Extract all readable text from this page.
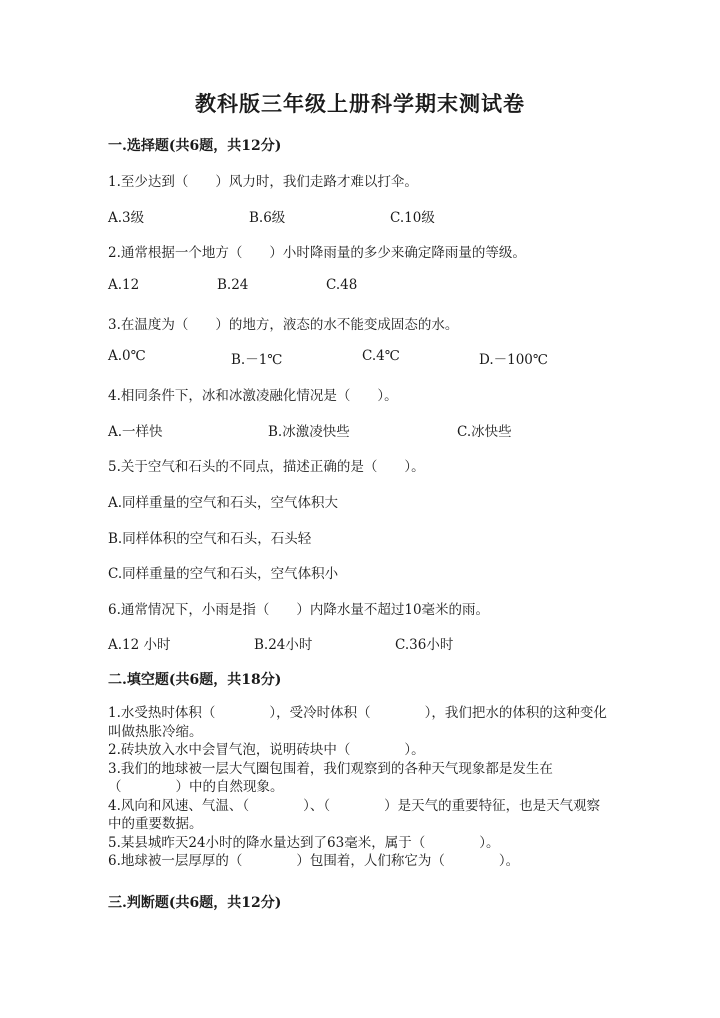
教科版三年级上册科学期末测试卷
一.选择题(共6题，共12分)
1.至少达到（　　）风力时，我们走路才难以打伞。
A.3级	B.6级	C.10级
2.通常根据一个地方（　　）小时降雨量的多少来确定降雨量的等级。
A.12	B.24	C.48
3.在温度为（　　）的地方，液态的水不能变成固态的水。
A.0℃	B.－1℃	C.4℃	D.－100℃
4.相同条件下，冰和冰激凌融化情况是（　　）。
A.一样快	B.冰激凌快些	C.冰快些
5.关于空气和石头的不同点，描述正确的是（　　）。
A.同样重量的空气和石头，空气体积大
B.同样体积的空气和石头，石头轻
C.同样重量的空气和石头，空气体积小
6.通常情况下，小雨是指（　　）内降水量不超过10毫米的雨。
A.12 小时	B.24小时	C.36小时
二.填空题(共6题，共18分)

1.水受热时体积（　　　　），受冷时体积（　　　　），我们把水的体积的这种变化叫做热胀冷缩。

2.砖块放入水中会冒气泡，说明砖块中（　　　　）。

3.我们的地球被一层大气圈包围着，我们观察到的各种天气现象都是发生在（　　　　）中的自然现象。

4.风向和风速、气温、（　　　　）、（　　　　）是天气的重要特征，也是天气观察中的重要数据。

5.某县城昨天24小时的降水量达到了63毫米，属于（　　　　）。

6.地球被一层厚厚的（　　　　）包围着，人们称它为（　　　　）。

三.判断题(共6题，共12分)
